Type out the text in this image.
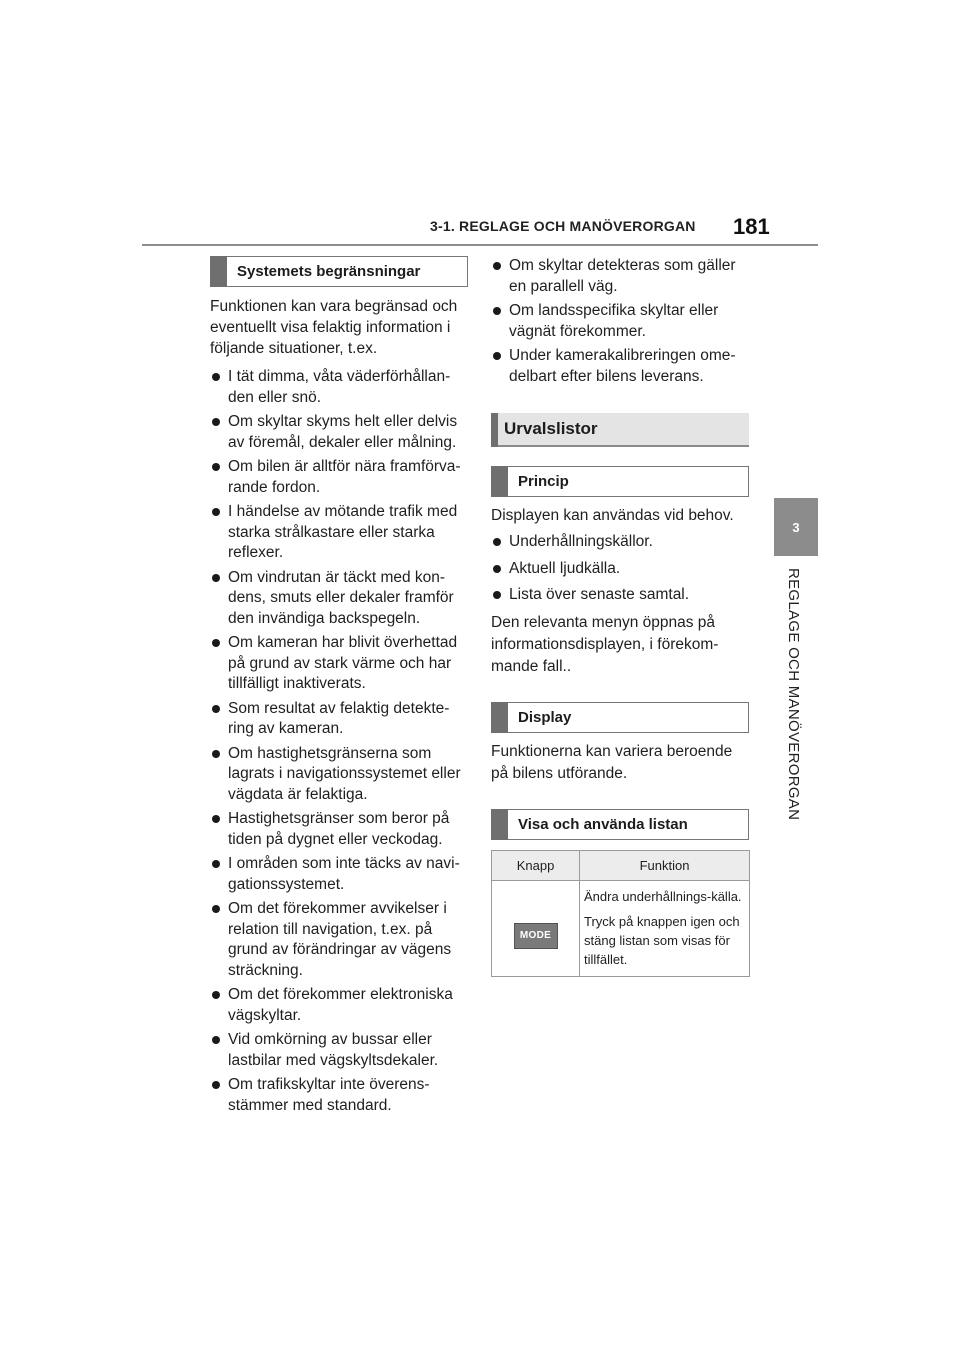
3-1. REGLAGE OCH MANÖVERORGAN 181
3
REGLAGE OCH MANÖVERORGAN
Systemets begränsningar

Funktionen kan vara begränsad och eventuellt visa felaktig information i följande situationer, t.ex.

I tät dimma, våta väderförhållan-den eller snö.
Om skyltar skyms helt eller delvis av föremål, dekaler eller målning.
Om bilen är alltför nära framförva-rande fordon.
I händelse av mötande trafik med starka strålkastare eller starka reflexer.
Om vindrutan är täckt med kon-dens, smuts eller dekaler framför den invändiga backspegeln.
Om kameran har blivit överhettad på grund av stark värme och har tillfälligt inaktiverats.
Som resultat av felaktig detekte-ring av kameran.
Om hastighetsgränserna som lagrats i navigationssystemet eller vägdata är felaktiga.
Hastighetsgränser som beror på tiden på dygnet eller veckodag.
I områden som inte täcks av navi-gationssystemet.
Om det förekommer avvikelser i relation till navigation, t.ex. på grund av förändringar av vägens sträckning.
Om det förekommer elektroniska vägskyltar.
Vid omkörning av bussar eller lastbilar med vägskyltsdekaler.
Om trafikskyltar inte överens-stämmer med standard.
Om skyltar detekteras som gäller en parallell väg.
Om landsspecifika skyltar eller vägnät förekommer.
Under kamerakalibreringen ome-delbart efter bilens leverans.
Urvalslistor
Princip

Displayen kan användas vid behov.

Underhållningskällor.
Aktuell ljudkälla.
Lista över senaste samtal.

Den relevanta menyn öppnas på informationsdisplayen, i förekom-mande fall..

Display

Funktionerna kan variera beroende på bilens utförande.

Visa och använda listan
Knapp	Funktion

MODE	Ändra underhållnings-källa.

Tryck på knappen igen och stäng listan som visas för tillfället.
